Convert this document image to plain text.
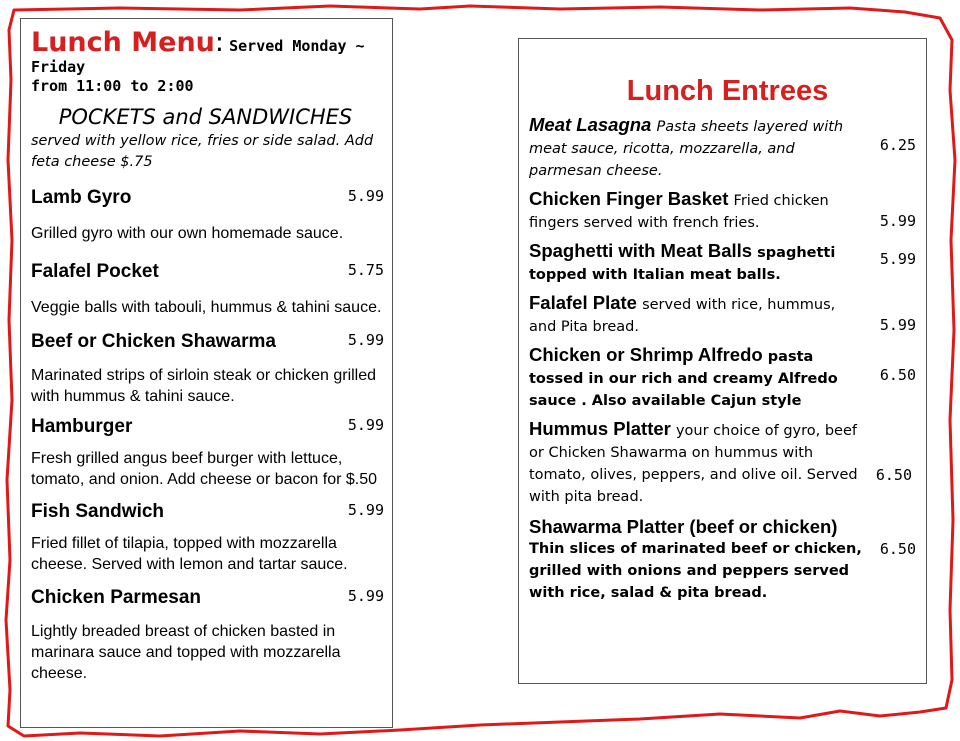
Lunch Menu: Served Monday ~ Friday
from 11:00 to 2:00
POCKETS and SANDWICHES
served with yellow rice, fries or side salad. Add feta cheese $.75
Lamb Gyro	5.99
Grilled gyro with our own homemade sauce.
Falafel Pocket	5.75
Veggie balls with tabouli, hummus & tahini sauce.
Beef or Chicken Shawarma	5.99
Marinated strips of sirloin steak or chicken grilled with hummus & tahini sauce.
Hamburger	5.99
Fresh grilled angus beef burger with lettuce, tomato, and onion. Add cheese or bacon for $.50
Fish Sandwich	5.99
Fried fillet of tilapia, topped with mozzarella cheese. Served with lemon and tartar sauce.
Chicken Parmesan	5.99
Lightly breaded breast of chicken basted in marinara sauce and topped with mozzarella cheese.
Lunch Entrees
Meat Lasagna Pasta sheets layered with meat sauce, ricotta, mozzarella, and parmesan cheese.
6.25
Chicken Finger Basket Fried chicken fingers served with french fries.	5.99
Spaghetti with Meat Balls spaghetti topped with Italian meat balls.
5.99
Falafel Plate served with rice, hummus, and Pita bread.	5.99
Chicken or Shrimp Alfredo pasta tossed in our rich and creamy Alfredo sauce . Also available Cajun style
6.50
Hummus Platter your choice of gyro, beef or Chicken Shawarma on hummus with tomato, olives, peppers, and olive oil. Served with pita bread.
6.50
Shawarma Platter (beef or chicken)
Thin slices of marinated beef or chicken, grilled with onions and peppers served with rice, salad & pita bread.
6.50
